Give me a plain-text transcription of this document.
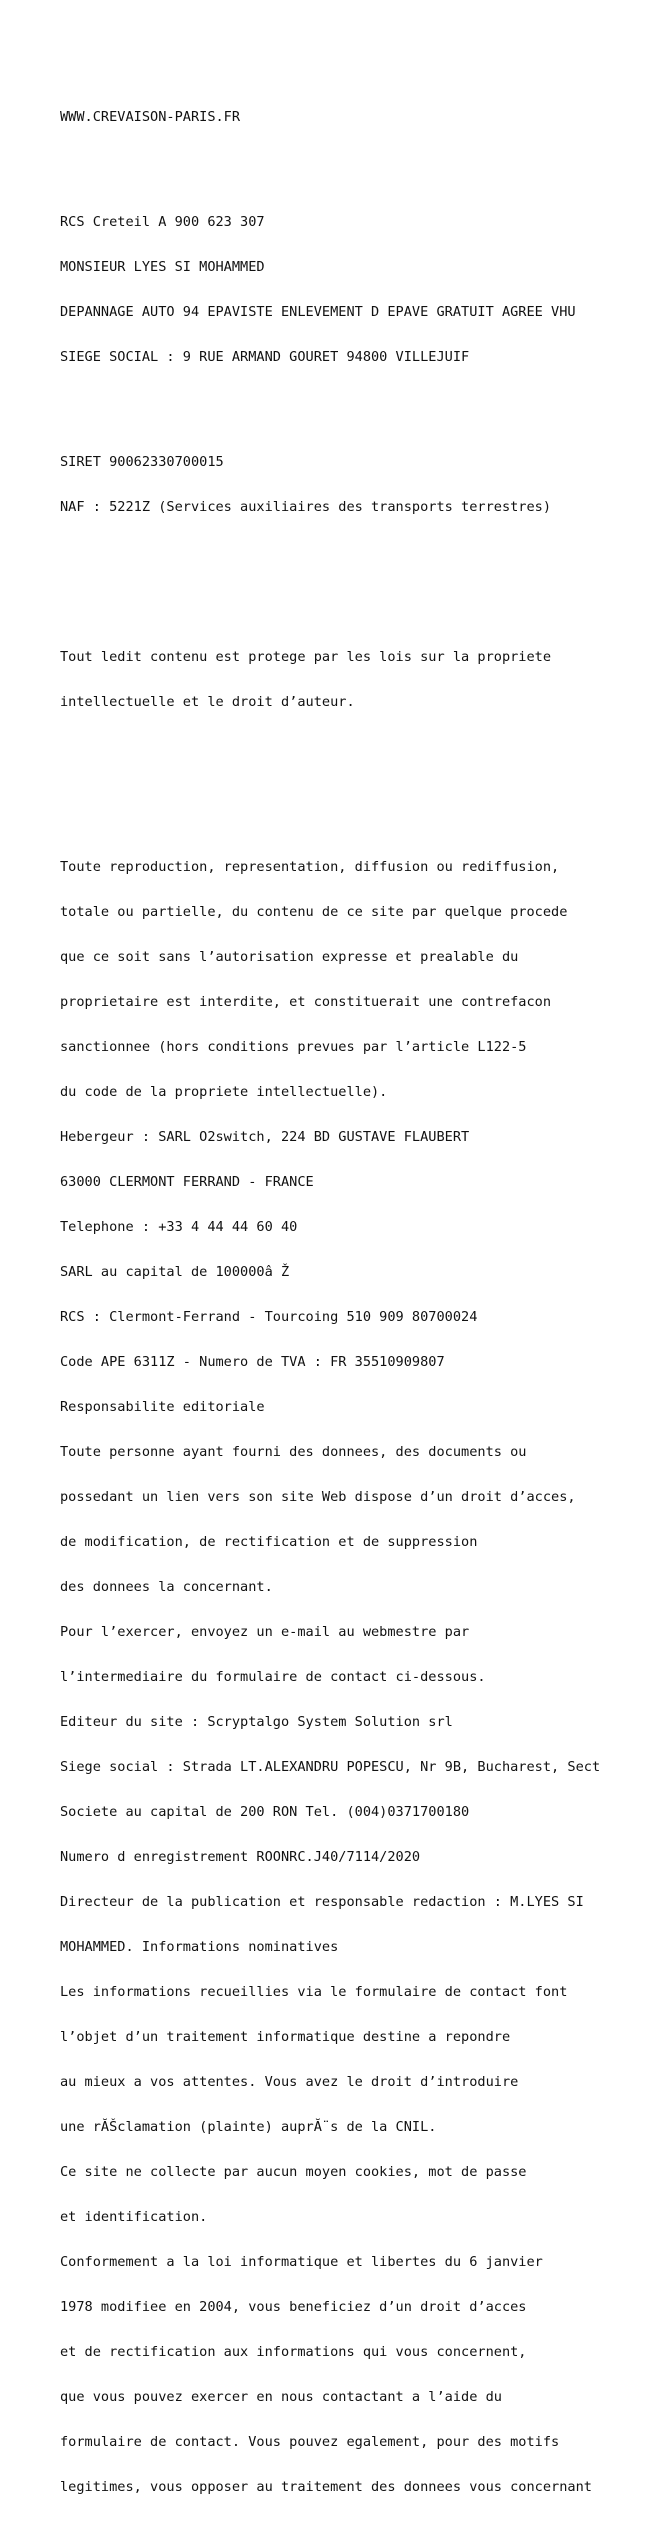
WWW.CREVAISON-PARIS.FR

RCS Creteil A 900 623 307

MONSIEUR LYES SI MOHAMMED

DEPANNAGE AUTO 94 EPAVISTE ENLEVEMENT D EPAVE GRATUIT AGREE VHU

SIEGE SOCIAL : 9 RUE ARMAND GOURET 94800 VILLEJUIF

SIRET 90062330700015

NAF : 5221Z (Services auxiliaires des transports terrestres)

Tout ledit contenu est protege par les lois sur la propriete

intellectuelle et le droit d’auteur.

Toute reproduction, representation, diffusion ou rediffusion,

totale ou partielle, du contenu de ce site par quelque procede

que ce soit sans l’autorisation expresse et prealable du

proprietaire est interdite, et constituerait une contrefacon

sanctionnee (hors conditions prevues par l’article L122-5

du code de la propriete intellectuelle).

Hebergeur : SARL O2switch, 224 BD GUSTAVE FLAUBERT

63000 CLERMONT FERRAND - FRANCE

Telephone : +33 4 44 44 60 40

SARL au capital de 100000â Ž

RCS : Clermont-Ferrand - Tourcoing 510 909 80700024

Code APE 6311Z - Numero de TVA : FR 35510909807

Responsabilite editoriale

Toute personne ayant fourni des donnees, des documents ou

possedant un lien vers son site Web dispose d’un droit d’acces,

de modification, de rectification et de suppression

des donnees la concernant.

Pour l’exercer, envoyez un e-mail au webmestre par

l’intermediaire du formulaire de contact ci-dessous.

Editeur du site : Scryptalgo System Solution srl

Siege social : Strada LT.ALEXANDRU POPESCU, Nr 9B, Bucharest, Sect

Societe au capital de 200 RON Tel. (004)0371700180

Numero d enregistrement ROONRC.J40/7114/2020

Directeur de la publication et responsable redaction : M.LYES SI

MOHAMMED. Informations nominatives

Les informations recueillies via le formulaire de contact font

l’objet d’un traitement informatique destine a repondre

au mieux a vos attentes. Vous avez le droit d’introduire

une rĂŠclamation (plainte) auprĂ¨s de la CNIL.

Ce site ne collecte par aucun moyen cookies, mot de passe

et identification.

Conformement a la loi informatique et libertes du 6 janvier

1978 modifiee en 2004, vous beneficiez d’un droit d’acces

et de rectification aux informations qui vous concernent,

que vous pouvez exercer en nous contactant a l’aide du

formulaire de contact. Vous pouvez egalement, pour des motifs

legitimes, vous opposer au traitement des donnees vous concernant
